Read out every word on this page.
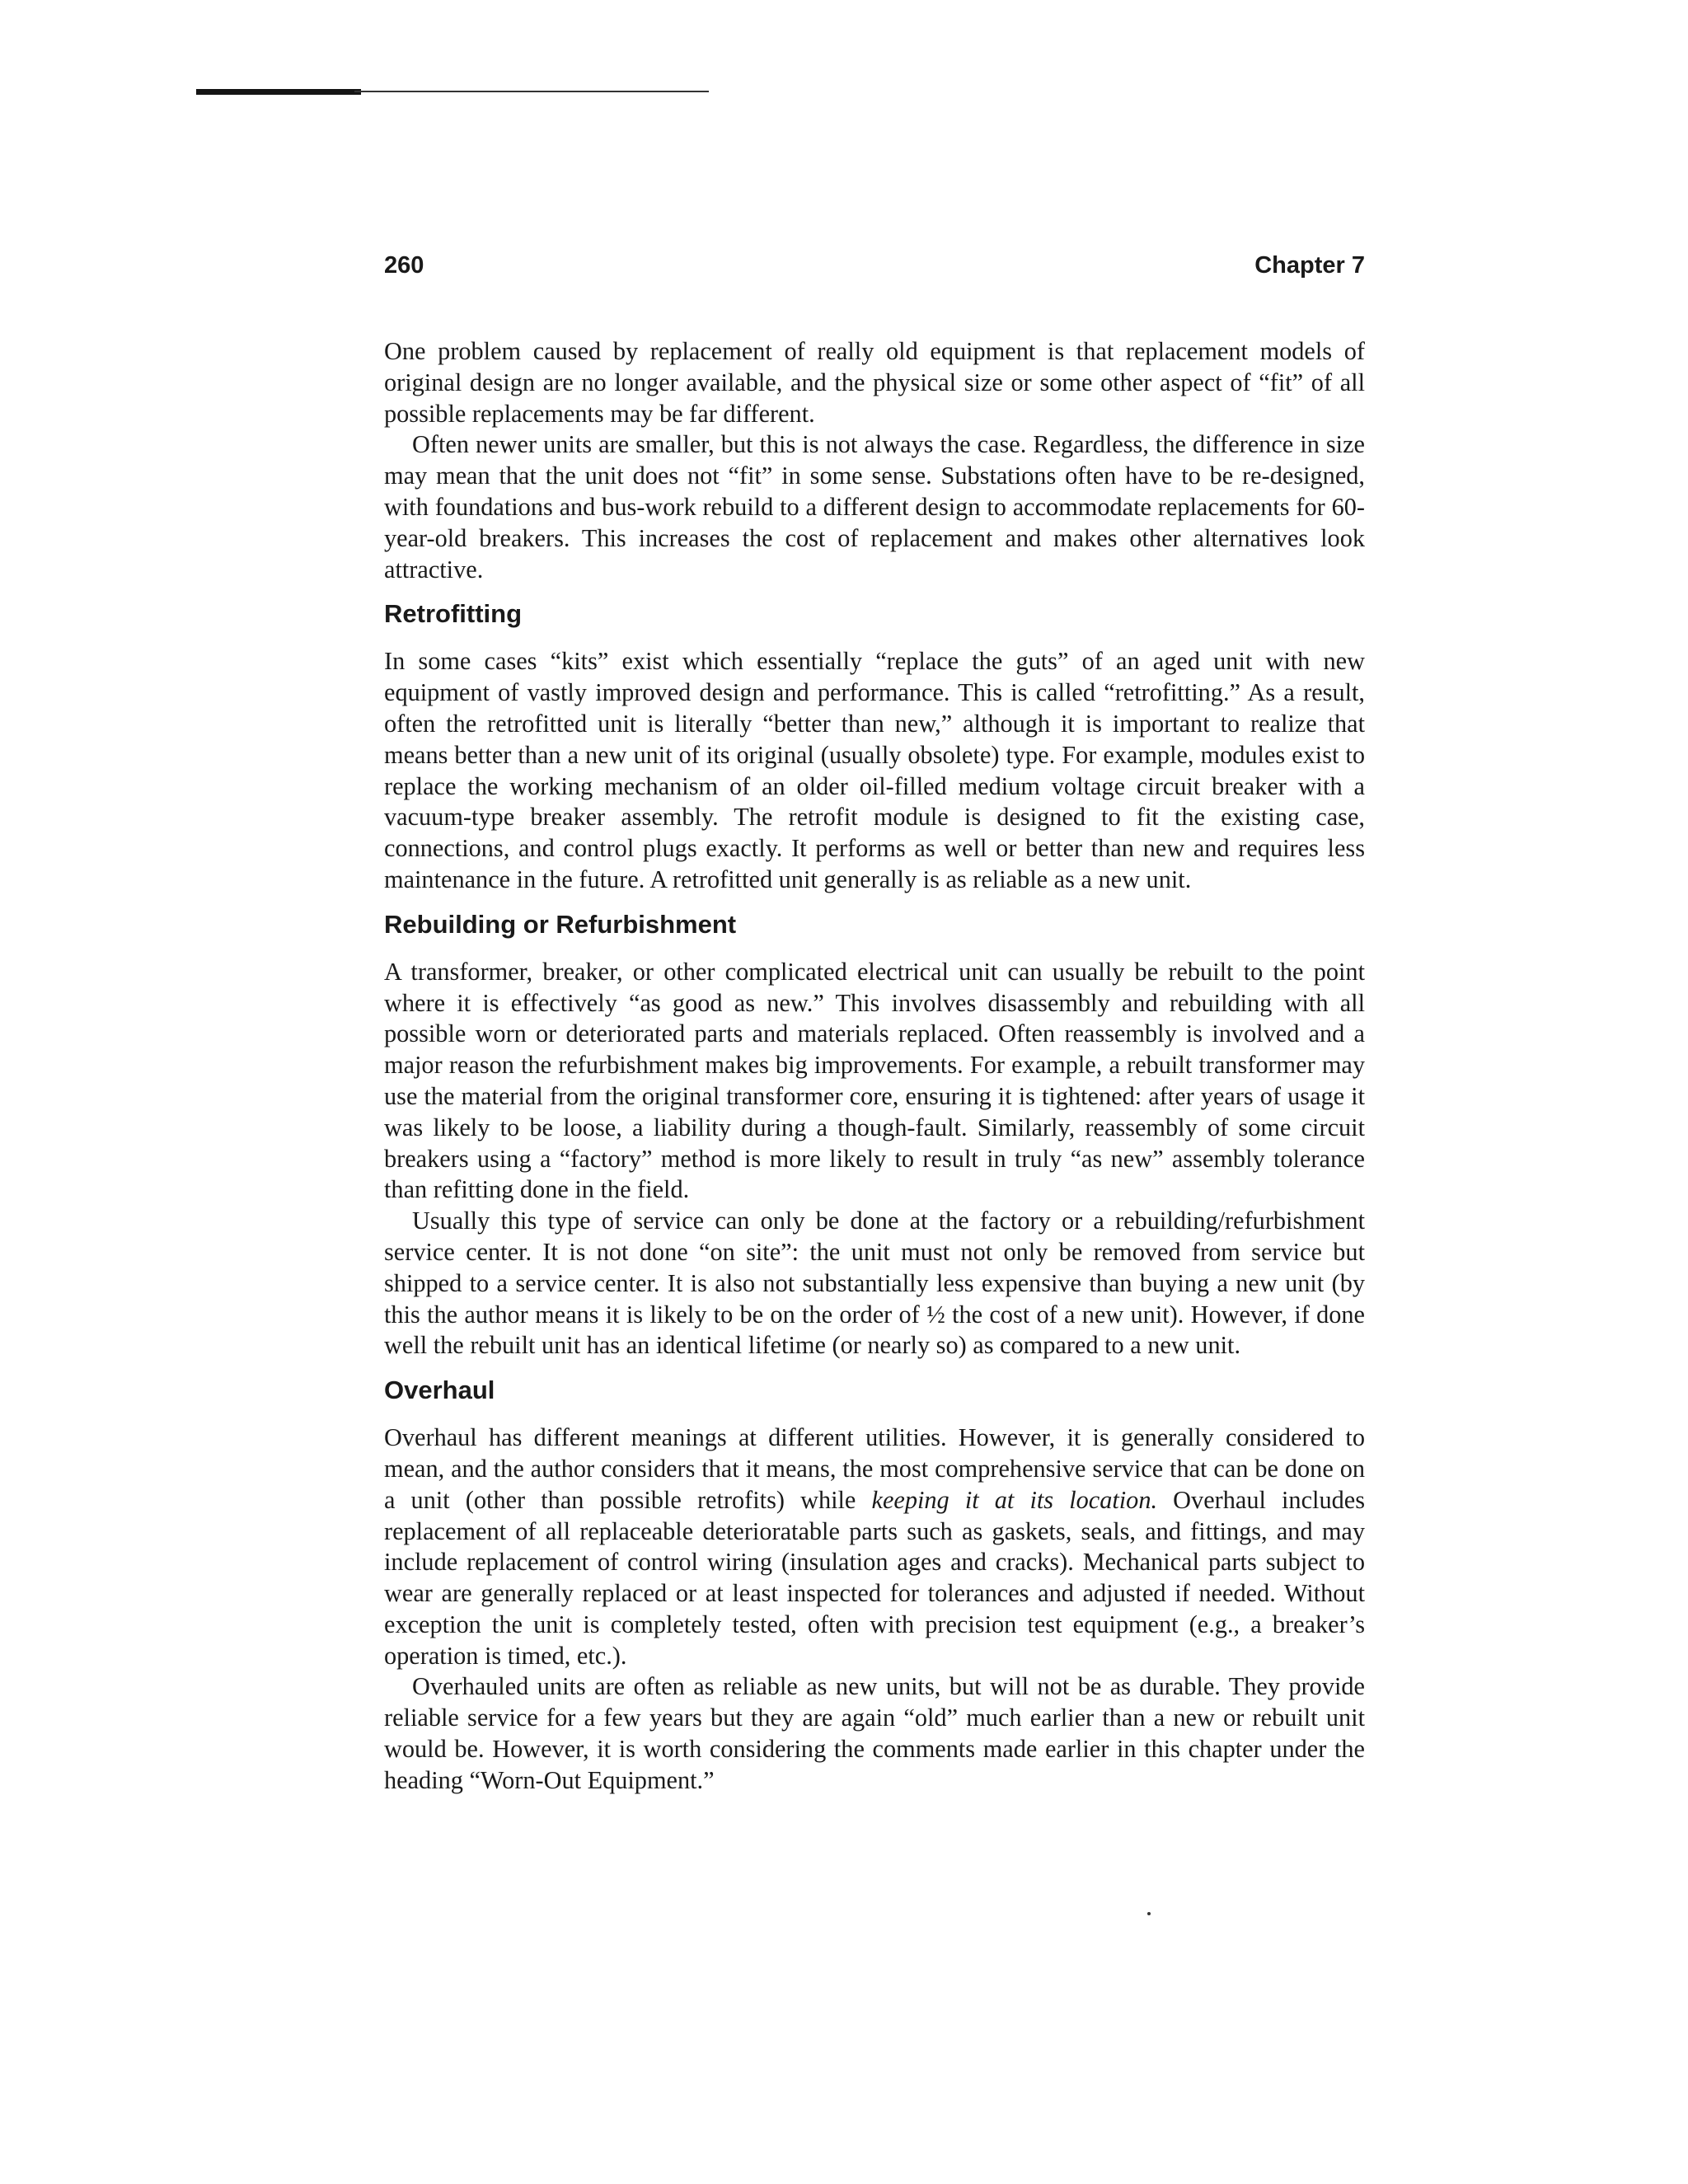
260	Chapter 7

One problem caused by replacement of really old equipment is that replacement models of original design are no longer available, and the physical size or some other aspect of “fit” of all possible replacements may be far different.

Often newer units are smaller, but this is not always the case. Regardless, the difference in size may mean that the unit does not “fit” in some sense. Substations often have to be re-designed, with foundations and bus-work rebuild to a different design to accommodate replacements for 60-year-old breakers. This increases the cost of replacement and makes other alternatives look attractive.

Retrofitting

In some cases “kits” exist which essentially “replace the guts” of an aged unit with new equipment of vastly improved design and performance. This is called “retrofitting.” As a result, often the retrofitted unit is literally “better than new,” although it is important to realize that means better than a new unit of its original (usually obsolete) type. For example, modules exist to replace the working mechanism of an older oil-filled medium voltage circuit breaker with a vacuum-type breaker assembly. The retrofit module is designed to fit the existing case, connections, and control plugs exactly. It performs as well or better than new and requires less maintenance in the future. A retrofitted unit generally is as reliable as a new unit.

Rebuilding or Refurbishment

A transformer, breaker, or other complicated electrical unit can usually be rebuilt to the point where it is effectively “as good as new.” This involves disassembly and rebuilding with all possible worn or deteriorated parts and materials replaced. Often reassembly is involved and a major reason the refurbishment makes big improvements. For example, a rebuilt transformer may use the material from the original transformer core, ensuring it is tightened: after years of usage it was likely to be loose, a liability during a though-fault. Similarly, reassembly of some circuit breakers using a “factory” method is more likely to result in truly “as new” assembly tolerance than refitting done in the field.

Usually this type of service can only be done at the factory or a rebuilding/refurbishment service center. It is not done “on site”: the unit must not only be removed from service but shipped to a service center. It is also not substantially less expensive than buying a new unit (by this the author means it is likely to be on the order of ½ the cost of a new unit). However, if done well the rebuilt unit has an identical lifetime (or nearly so) as compared to a new unit.

Overhaul

Overhaul has different meanings at different utilities. However, it is generally considered to mean, and the author considers that it means, the most comprehensive service that can be done on a unit (other than possible retrofits) while keeping it at its location. Overhaul includes replacement of all replaceable deterioratable parts such as gaskets, seals, and fittings, and may include replacement of control wiring (insulation ages and cracks). Mechanical parts subject to wear are generally replaced or at least inspected for tolerances and adjusted if needed. Without exception the unit is completely tested, often with precision test equipment (e.g., a breaker’s operation is timed, etc.).

Overhauled units are often as reliable as new units, but will not be as durable. They provide reliable service for a few years but they are again “old” much earlier than a new or rebuilt unit would be. However, it is worth considering the comments made earlier in this chapter under the heading “Worn-Out Equipment.”
